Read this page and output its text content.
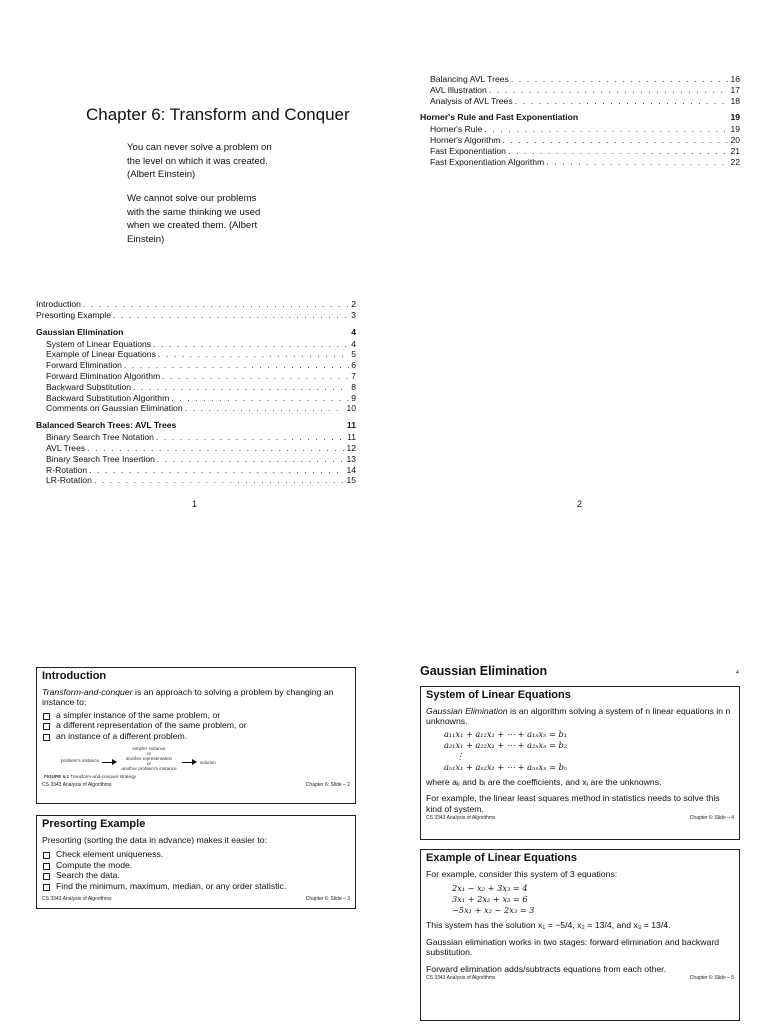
Chapter 6: Transform and Conquer
You can never solve a problem on the level on which it was created. (Albert Einstein)
We cannot solve our problems with the same thinking we used when we created them. (Albert Einstein)
Introduction . . .	2
Presorting Example . . .	3
Gaussian Elimination	4
System of Linear Equations . . .	4
Example of Linear Equations . . .	5
Forward Elimination . . .	6
Forward Elimination Algorithm . . .	7
Backward Substitution . . .	8
Backward Substitution Algorithm . . .	9
Comments on Gaussian Elimination . . .	10
Balanced Search Trees: AVL Trees	11
Binary Search Tree Notation . . .	11
AVL Trees . . .	12
Binary Search Tree Insertion . . .	13
R-Rotation . . .	14
LR-Rotation . . .	15
1
Balancing AVL Trees . . .	16
AVL Illustration . . .	17
Analysis of AVL Trees . . .	18
Horner's Rule and Fast Exponentiation	19
Horner's Rule . . .	19
Horner's Algorithm . . .	20
Fast Exponentiation . . .	21
Fast Exponentiation Algorithm . . .	22
2
Introduction

Transform-and-conquer is an approach to solving a problem by changing an instance to:

a simpler instance of the same problem, or
a different representation of the same problem, or
an instance of a different problem.
problem's instance
simpler instance
or
another representation
or
another problem's instance
solution
FIGURE 6.1 Transform-and-conquer strategy
CS 3343 Analysis of Algorithms	Chapter 6: Slide – 2
Presorting Example

Presorting (sorting the data in advance) makes it easier to:

Check element uniqueness.
Compute the mode.
Search the data.
Find the minimum, maximum, median, or any order statistic.
CS 3343 Analysis of Algorithms	Chapter 6: Slide – 3
Gaussian Elimination	4
System of Linear Equations

Gaussian Elimination is an algorithm solving a system of n linear equations in n unknowns.

a₁₁x₁ + a₁₂x₁ + ⋯ + a₁ₙxₙ = b₁
a₂₁x₁ + a₂₂x₁ + ⋯ + a₂ₙxₙ = b₂
⋮
aₙ₁x₁ + aₙ₂x₁ + ⋯ + aₙₙxₙ = bₙ

where aᵢⱼ and bᵢ are the coefficients, and xⱼ are the unknowns.

For example, the linear least squares method in statistics needs to solve this kind of system.

CS 3343 Analysis of Algorithms	Chapter 6: Slide – 4
Example of Linear Equations

For example, consider this system of 3 equations:

2x₁ − x₂ + 3x₃ = 4
3x₁ + 2x₂ + x₃ = 6
−5x₁ + x₂ − 2x₃ = 3

This system has the solution x₁ = −5/4, x₂ = 13/4, and x₃ = 13/4.

Gaussian elimination works in two stages: forward elimination and backward substitution.

Forward elimination adds/subtracts equations from each other.

CS 3343 Analysis of Algorithms	Chapter 6: Slide – 5
